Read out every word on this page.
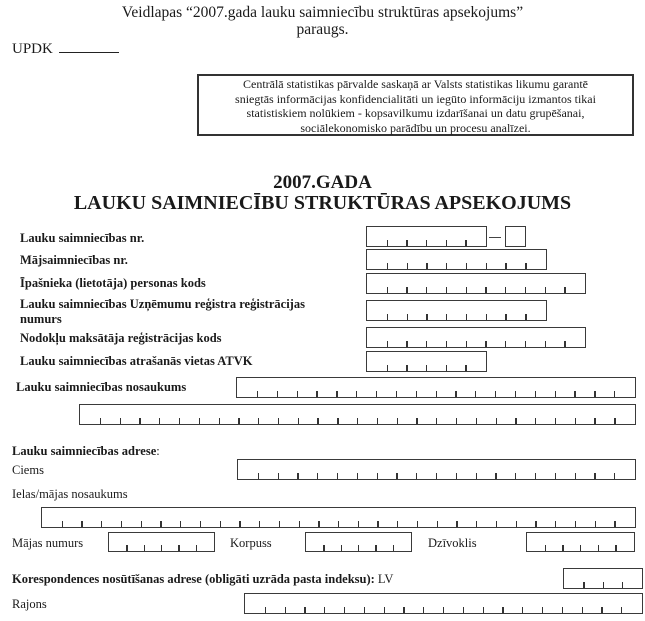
Veidlapas “2007.gada lauku saimniecību struktūras apsekojums”
paraugs.
UPDK
Centrālā statistikas pārvalde saskaņā ar Valsts statistikas likumu garantē
sniegtās informācijas konfidencialitāti un iegūto informāciju izmantos tikai
statistiskiem nolūkiem - kopsavilkumu izdarīšanai un datu grupēšanai,
sociālekonomisko parādību un procesu analīzei.
2007.GADA
LAUKU SAIMNIECĪBU STRUKTŪRAS APSEKOJUMS
Lauku saimniecības nr.
Mājsaimniecības nr.
Īpašnieka (lietotāja) personas kods
Lauku saimniecības Uzņēmumu reģistra reģistrācijas
numurs
Nodokļu maksātāja reģistrācijas kods
Lauku saimniecības atrašanās vietas ATVK
Lauku saimniecības nosaukums
Lauku saimniecības adrese:
Ciems
Ielas/mājas nosaukums
Mājas numurs	Korpuss	Dzīvoklis
Korespondences nosūtīšanas adrese (obligāti uzrāda pasta indeksu): LV
Rajons
